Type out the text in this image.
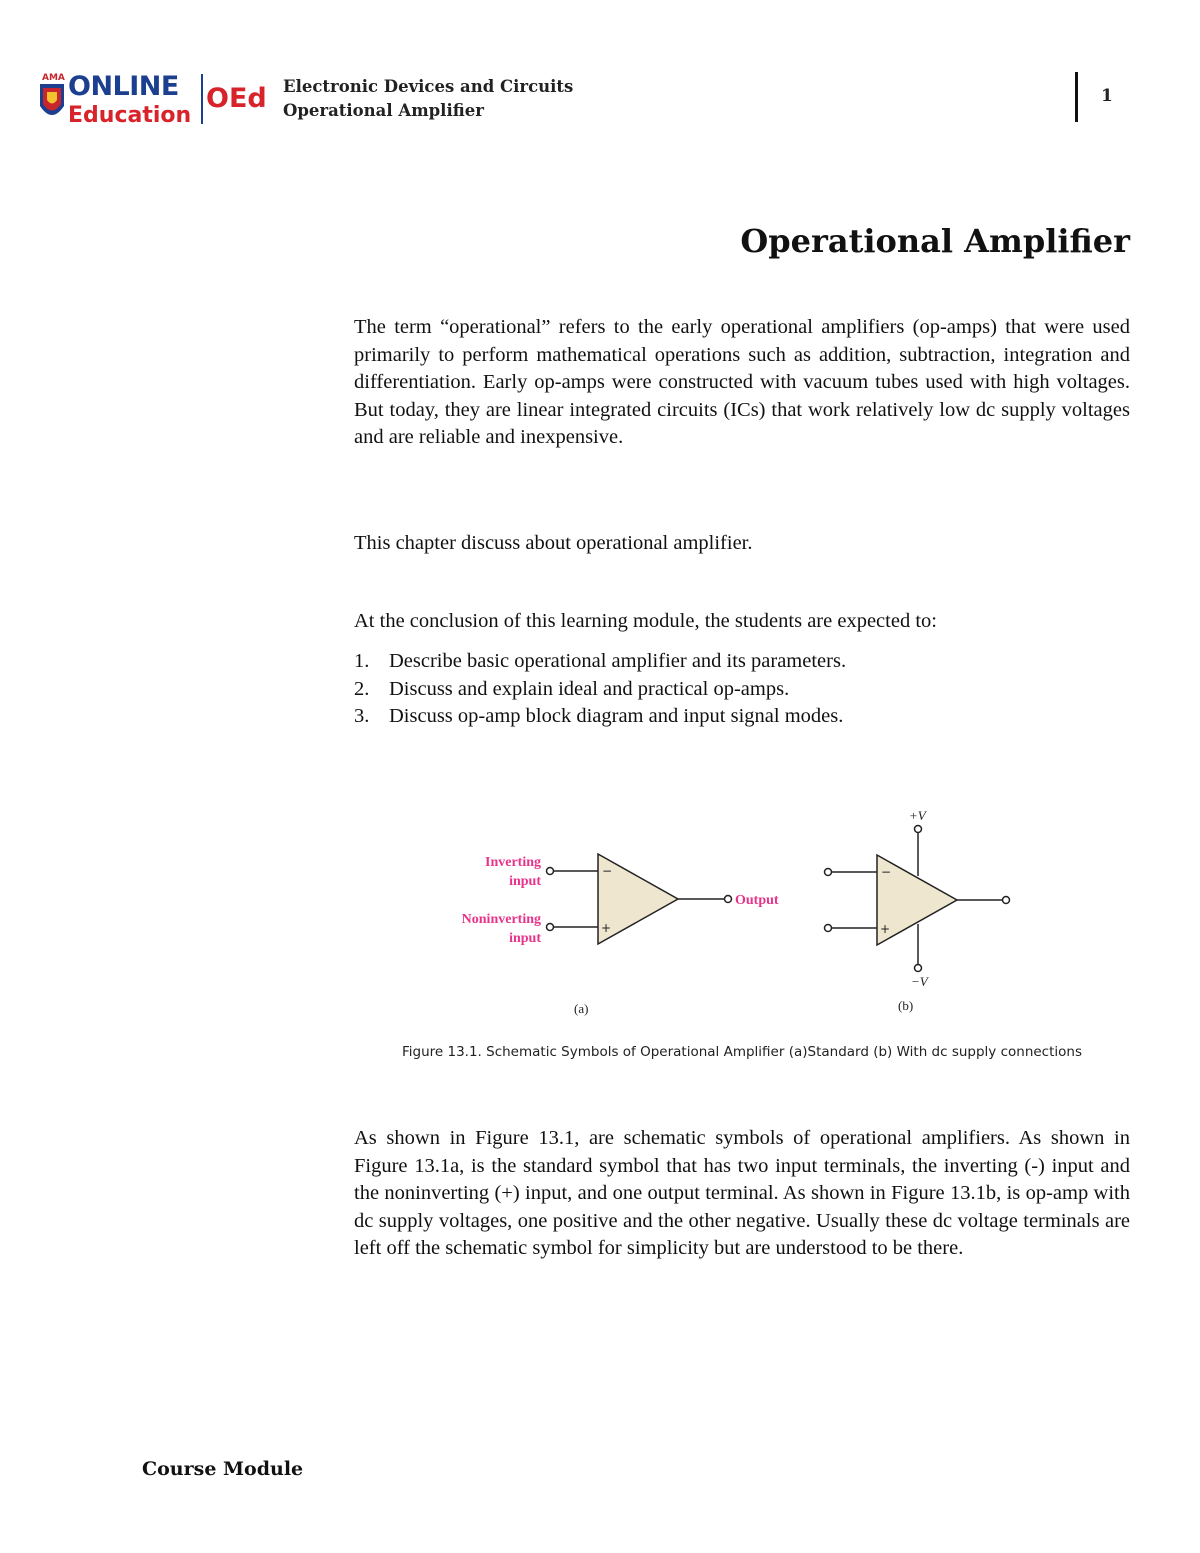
AMA ONLINE
Education
OEd Electronic Devices and Circuits
Operational Amplifier
1
Operational Amplifier
The term “operational” refers to the early operational amplifiers (op-amps) that were used primarily to perform mathematical operations such as addition, subtraction, integration and differentiation. Early op-amps were constructed with vacuum tubes used with high voltages. But today, they are linear integrated circuits (ICs) that work relatively low dc supply voltages and are reliable and inexpensive.
This chapter discuss about operational amplifier.
At the conclusion of this learning module, the students are expected to:
1. Describe basic operational amplifier and its parameters.
2. Discuss and explain ideal and practical op-amps.
3. Discuss op-amp block diagram and input signal modes.
−
+
Inverting
input
Noninverting
input
Output
(a)
−
+
+V
−V
(b)
Figure 13.1. Schematic Symbols of Operational Amplifier (a)Standard (b) With dc supply connections
As shown in Figure 13.1, are schematic symbols of operational amplifiers. As shown in Figure 13.1a, is the standard symbol that has two input terminals, the inverting (-) input and the noninverting (+) input, and one output terminal. As shown in Figure 13.1b, is op-amp with dc supply voltages, one positive and the other negative. Usually these dc voltage terminals are left off the schematic symbol for simplicity but are understood to be there.
Course Module
